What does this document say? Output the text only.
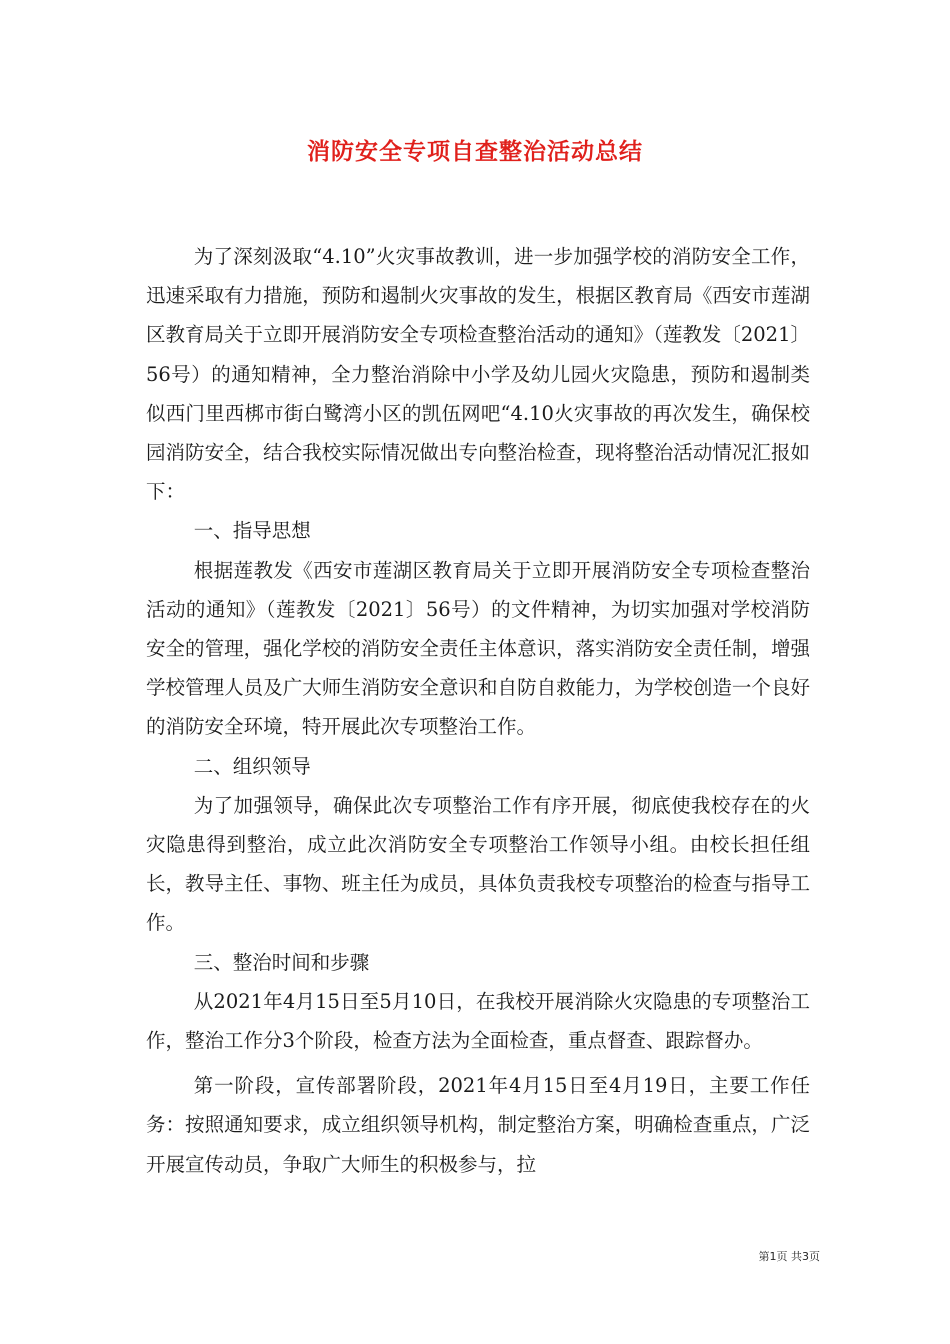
消防安全专项自查整治活动总结

为了深刻汲取“4.10”火灾事故教训，进一步加强学校的消防安全工作，迅速采取有力措施，预防和遏制火灾事故的发生，根据区教育局《西安市莲湖区教育局关于立即开展消防安全专项检查整治活动的通知》（莲教发〔2021〕56号）的通知精神，全力整治消除中小学及幼儿园火灾隐患，预防和遏制类似西门里西梆市街白鹭湾小区的凯伍网吧“4.10火灾事故的再次发生，确保校园消防安全，结合我校实际情况做出专向整治检查，现将整治活动情况汇报如下：

一、指导思想

根据莲教发《西安市莲湖区教育局关于立即开展消防安全专项检查整治活动的通知》（莲教发〔2021〕56号）的文件精神，为切实加强对学校消防安全的管理，强化学校的消防安全责任主体意识，落实消防安全责任制，增强学校管理人员及广大师生消防安全意识和自防自救能力，为学校创造一个良好的消防安全环境，特开展此次专项整治工作。

二、组织领导

为了加强领导，确保此次专项整治工作有序开展，彻底使我校存在的火灾隐患得到整治，成立此次消防安全专项整治工作领导小组。由校长担任组长，教导主任、事物、班主任为成员，具体负责我校专项整治的检查与指导工作。

三、整治时间和步骤

从2021年4月15日至5月10日，在我校开展消除火灾隐患的专项整治工作，整治工作分3个阶段，检查方法为全面检查，重点督查、跟踪督办。

第一阶段，宣传部署阶段，2021年4月15日至4月19日，主要工作任务：按照通知要求，成立组织领导机构，制定整治方案，明确检查重点，广泛开展宣传动员，争取广大师生的积极参与，拉

第1页 共3页
